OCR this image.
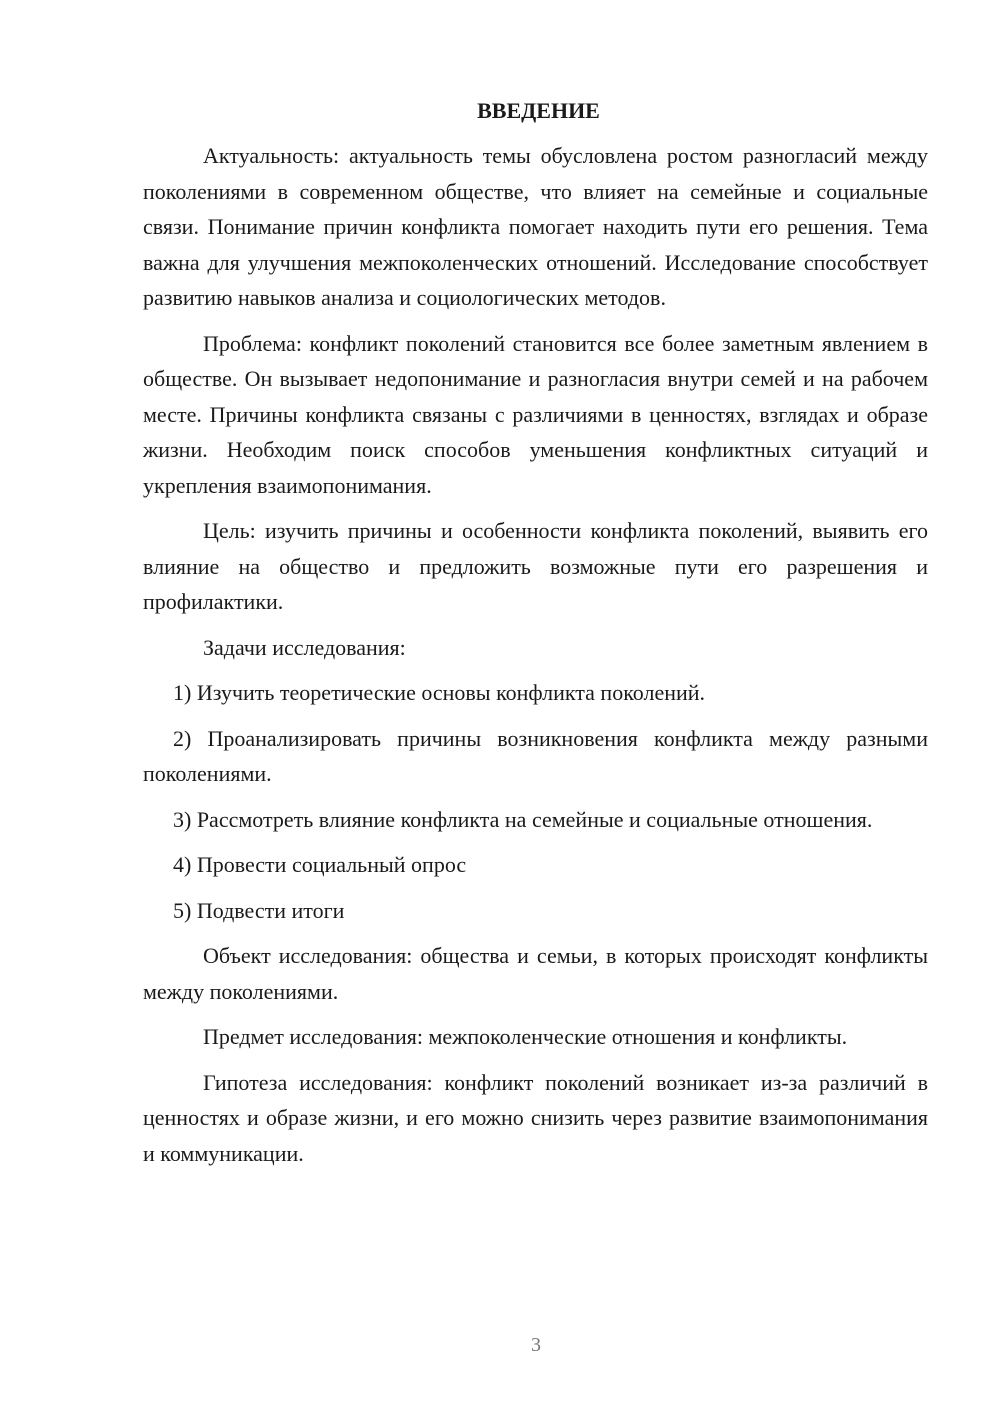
ВВЕДЕНИЕ

Актуальность: актуальность темы обусловлена ростом разногласий между поколениями в современном обществе, что влияет на семейные и социальные связи. Понимание причин конфликта помогает находить пути его решения. Тема важна для улучшения межпоколенческих отношений. Исследование способствует развитию навыков анализа и социологических методов.

Проблема: конфликт поколений становится все более заметным явлением в обществе. Он вызывает недопонимание и разногласия внутри семей и на рабочем месте. Причины конфликта связаны с различиями в ценностях, взглядах и образе жизни. Необходим поиск способов уменьшения конфликтных ситуаций и укрепления взаимопонимания.

Цель: изучить причины и особенности конфликта поколений, выявить его влияние на общество и предложить возможные пути его разрешения и профилактики.

Задачи исследования:

1) Изучить теоретические основы конфликта поколений.

2) Проанализировать причины возникновения конфликта между разными поколениями.

3) Рассмотреть влияние конфликта на семейные и социальные отношения.

4) Провести социальный опрос

5) Подвести итоги

Объект исследования: общества и семьи, в которых происходят конфликты между поколениями.

Предмет исследования: межпоколенческие отношения и конфликты.

Гипотеза исследования: конфликт поколений возникает из-за различий в ценностях и образе жизни, и его можно снизить через развитие взаимопонимания и коммуникации.

3
